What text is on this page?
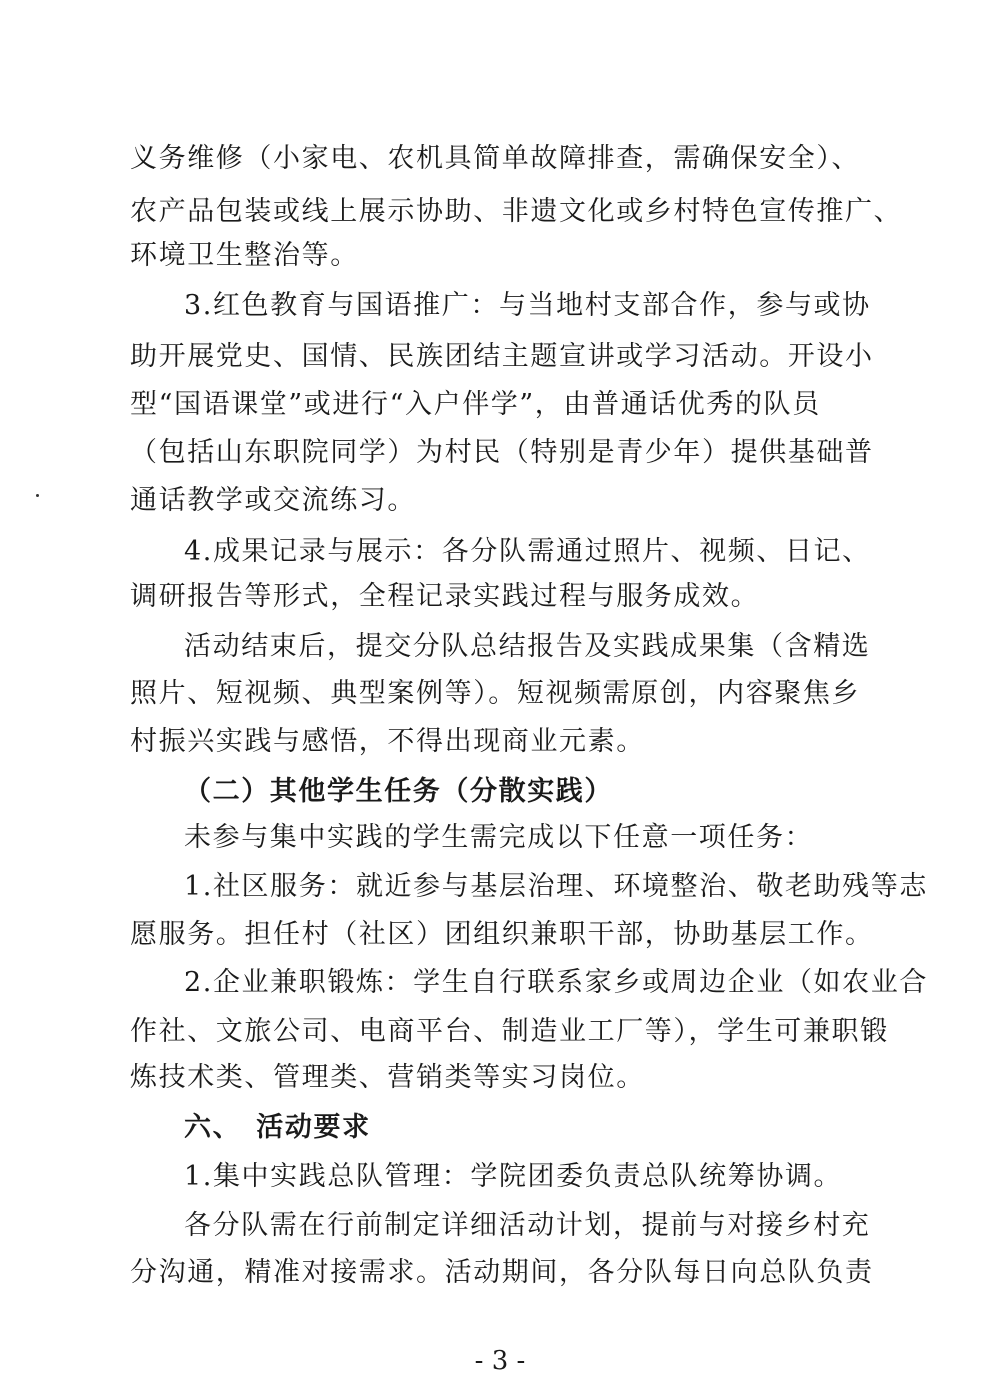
义务维修（小家电、农机具简单故障排查，需确保安全）、
农产品包装或线上展示协助、非遗文化或乡村特色宣传推广、
环境卫生整治等。
3.红色教育与国语推广：与当地村支部合作，参与或协
助开展党史、国情、民族团结主题宣讲或学习活动。开设小
型“国语课堂”或进行“入户伴学”，由普通话优秀的队员
（包括山东职院同学）为村民（特别是青少年）提供基础普
通话教学或交流练习。
4.成果记录与展示：各分队需通过照片、视频、日记、
调研报告等形式，全程记录实践过程与服务成效。
活动结束后，提交分队总结报告及实践成果集（含精选
照片、短视频、典型案例等）。短视频需原创，内容聚焦乡
村振兴实践与感悟，不得出现商业元素。
（二）其他学生任务（分散实践）
未参与集中实践的学生需完成以下任意一项任务：
1.社区服务：就近参与基层治理、环境整治、敬老助残等志
愿服务。担任村（社区）团组织兼职干部，协助基层工作。
2.企业兼职锻炼：学生自行联系家乡或周边企业（如农业合
作社、文旅公司、电商平台、制造业工厂等），学生可兼职锻
炼技术类、管理类、营销类等实习岗位。
六、　活动要求
1.集中实践总队管理：学院团委负责总队统筹协调。
各分队需在行前制定详细活动计划，提前与对接乡村充
分沟通，精准对接需求。活动期间，各分队每日向总队负责
- 3 -
